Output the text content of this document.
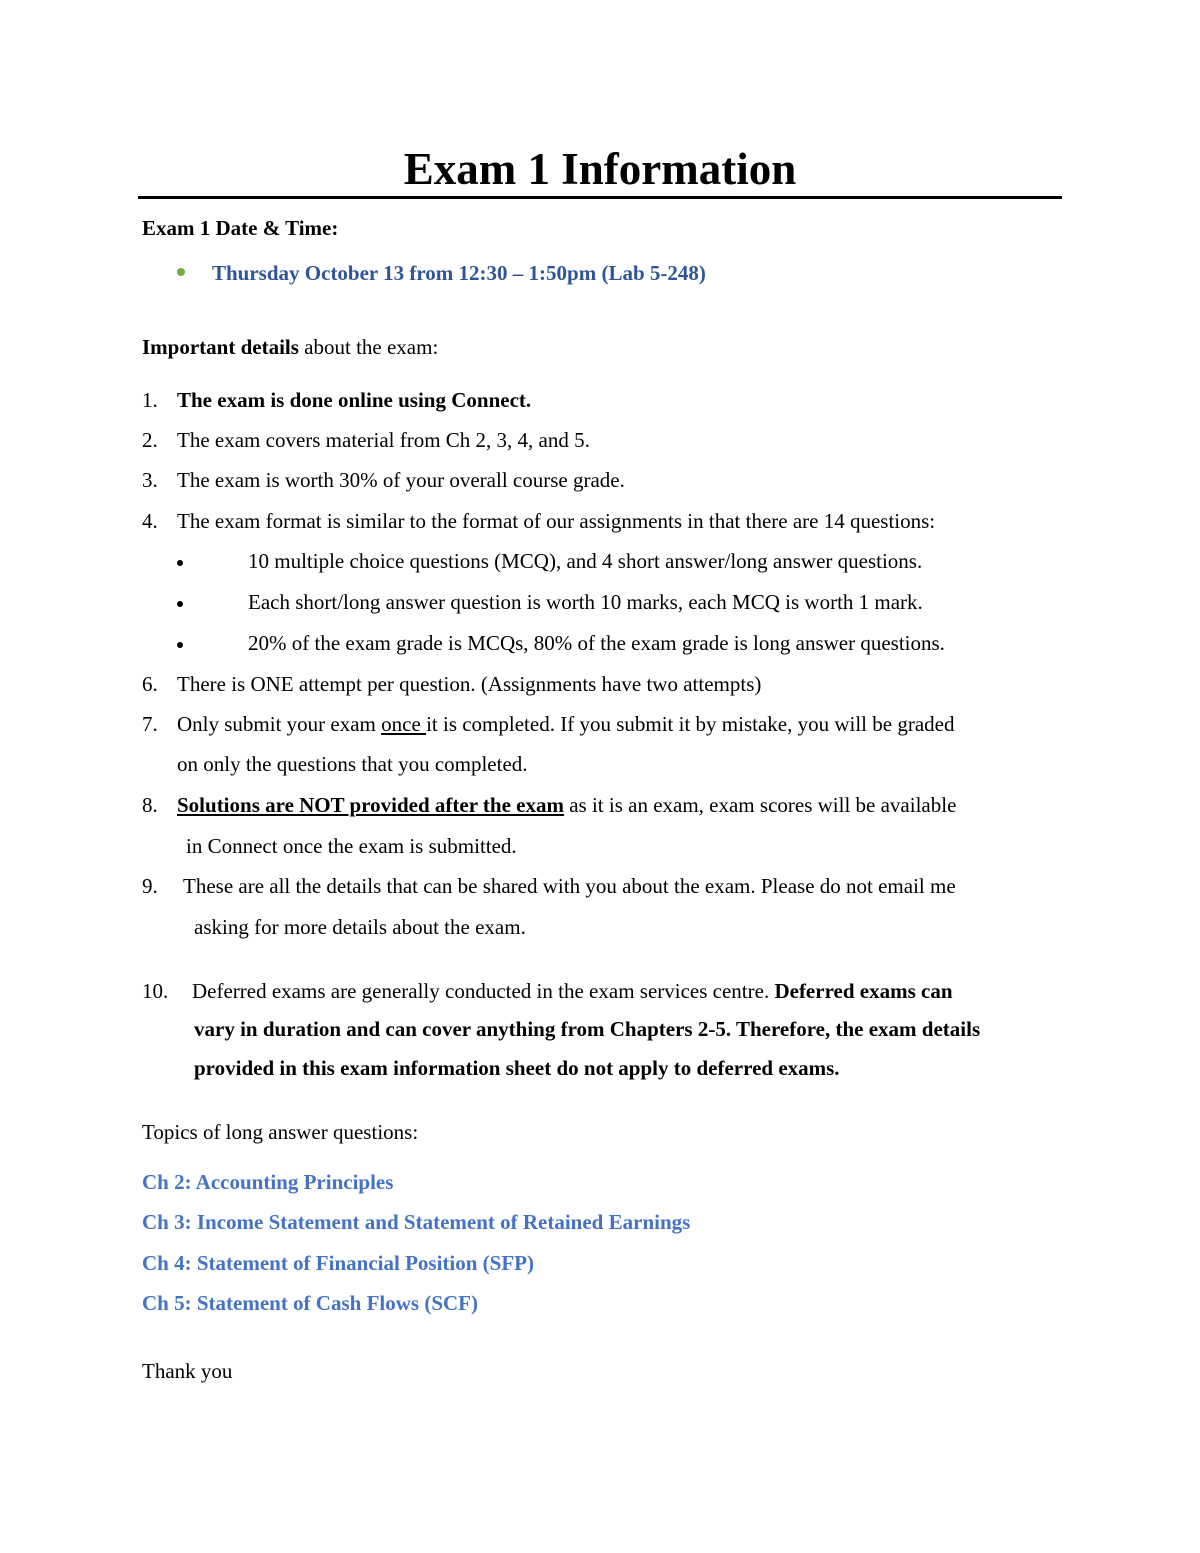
Exam 1 Information
Exam 1 Date & Time:
Thursday October 13 from 12:30 – 1:50pm (Lab 5-248)
Important details about the exam:
1. The exam is done online using Connect.
2. The exam covers material from Ch 2, 3, 4, and 5.
3. The exam is worth 30% of your overall course grade.
4. The exam format is similar to the format of our assignments in that there are 14 questions:
10 multiple choice questions (MCQ), and 4 short answer/long answer questions.
Each short/long answer question is worth 10 marks, each MCQ is worth 1 mark.
20% of the exam grade is MCQs, 80% of the exam grade is long answer questions.
6. There is ONE attempt per question. (Assignments have two attempts)
7. Only submit your exam once it is completed. If you submit it by mistake, you will be graded
on only the questions that you completed.
8. Solutions are NOT provided after the exam as it is an exam, exam scores will be available
in Connect once the exam is submitted.
9. These are all the details that can be shared with you about the exam. Please do not email me
asking for more details about the exam.
10. Deferred exams are generally conducted in the exam services centre. Deferred exams can
vary in duration and can cover anything from Chapters 2-5. Therefore, the exam details
provided in this exam information sheet do not apply to deferred exams.
Topics of long answer questions:
Ch 2: Accounting Principles
Ch 3: Income Statement and Statement of Retained Earnings
Ch 4: Statement of Financial Position (SFP)
Ch 5: Statement of Cash Flows (SCF)
Thank you
